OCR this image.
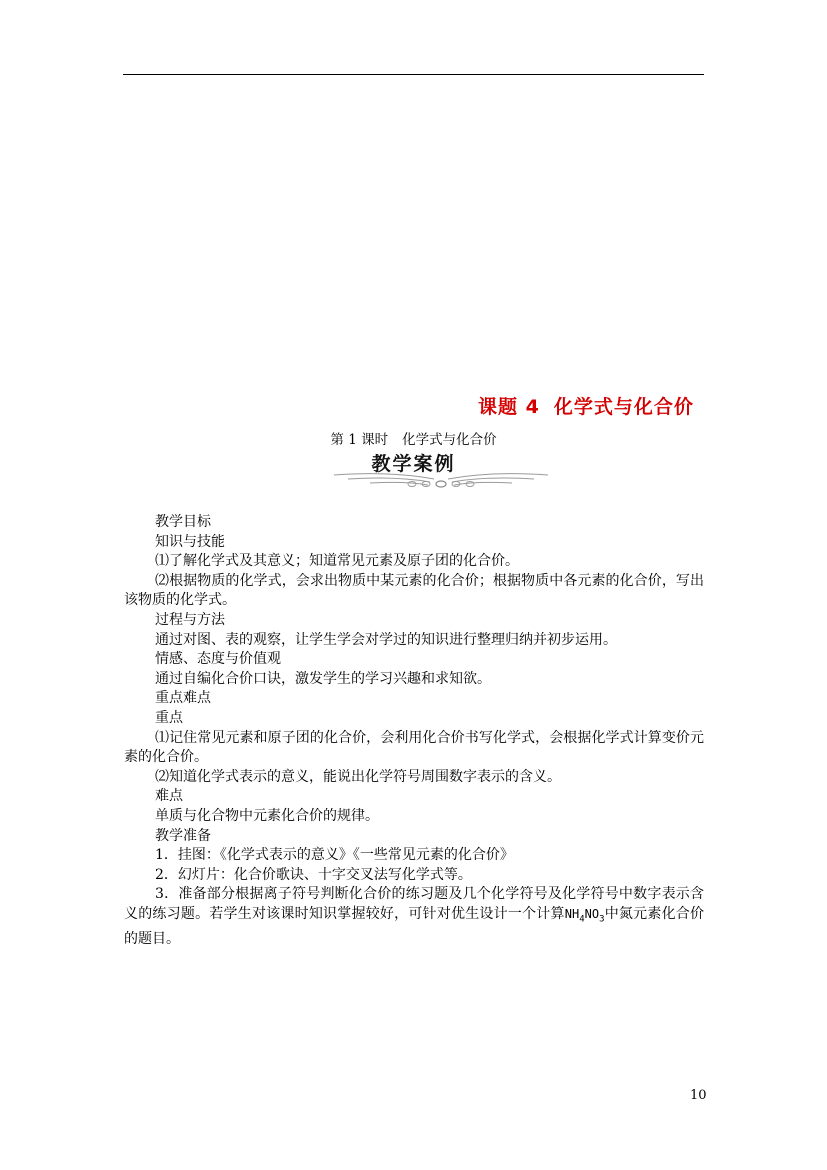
课题 4 化学式与化合价
第 1 课时 化学式与化合价
教学案例

教学目标

知识与技能

⑴了解化学式及其意义；知道常见元素及原子团的化合价。

⑵根据物质的化学式，会求出物质中某元素的化合价；根据物质中各元素的化合价，写出该物质的化学式。

过程与方法

通过对图、表的观察，让学生学会对学过的知识进行整理归纳并初步运用。

情感、态度与价值观

通过自编化合价口诀，激发学生的学习兴趣和求知欲。

重点难点

重点

⑴记住常见元素和原子团的化合价，会利用化合价书写化学式，会根据化学式计算变价元素的化合价。

⑵知道化学式表示的意义，能说出化学符号周围数字表示的含义。

难点

单质与化合物中元素化合价的规律。

教学准备

1．挂图：《化学式表示的意义》《一些常见元素的化合价》

2．幻灯片：化合价歌诀、十字交叉法写化学式等。

3．准备部分根据离子符号判断化合价的练习题及几个化学符号及化学符号中数字表示含义的练习题。若学生对该课时知识掌握较好，可针对优生设计一个计算$NH_4NO_3$中氮元素化合价的题目。

10
